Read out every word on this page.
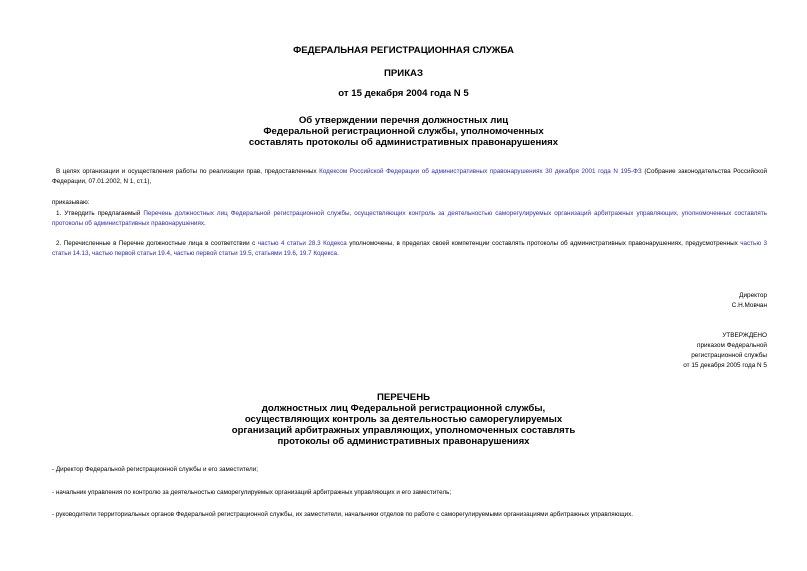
ФЕДЕРАЛЬНАЯ РЕГИСТРАЦИОННАЯ СЛУЖБА
ПРИКАЗ
от 15 декабря 2004 года N 5
Об утверждении перечня должностных лиц
Федеральной регистрационной службы, уполномоченных
составлять протоколы об административных правонарушениях
В целях организации и осуществления работы по реализации прав, предоставленных Кодексом Российской Федерации об административных правонарушениях 30 декабря 2001 года N 195-ФЗ (Собрание законодательства Российской Федерации, 07.01.2002, N 1, ст.1),
приказываю:
1. Утвердить предлагаемый Перечень должностных лиц Федеральной регистрационной службы, осуществляющих контроль за деятельностью саморегулируемых организаций арбитражных управляющих, уполномоченных составлять протоколы об административных правонарушениях.
2. Перечисленные в Перечне должностные лица в соответствии с частью 4 статьи 28.3 Кодекса уполномочены, в пределах своей компетенции составлять протоколы об административных правонарушениях, предусмотренных частью 3 статьи 14.13, частью первой статьи 19.4, частью первой статьи 19.5, статьями 19.6, 19.7 Кодекса.
Директор
С.Н.Мовчан
УТВЕРЖДЕНО
приказом Федеральной
регистрационной службы
от 15 декабря 2005 года N 5
ПЕРЕЧЕНЬ
должностных лиц Федеральной регистрационной службы,
осуществляющих контроль за деятельностью саморегулируемых
организаций арбитражных управляющих, уполномоченных составлять
протоколы об административных правонарушениях
- Директор Федеральной регистрационной службы и его заместители;
- начальник управления по контролю за деятельностью саморегулируемых организаций арбитражных управляющих и его заместитель;
- руководители территориальных органов Федеральной регистрационной службы, их заместители, начальники отделов по работе с саморегулируемыми организациями арбитражных управляющих.
